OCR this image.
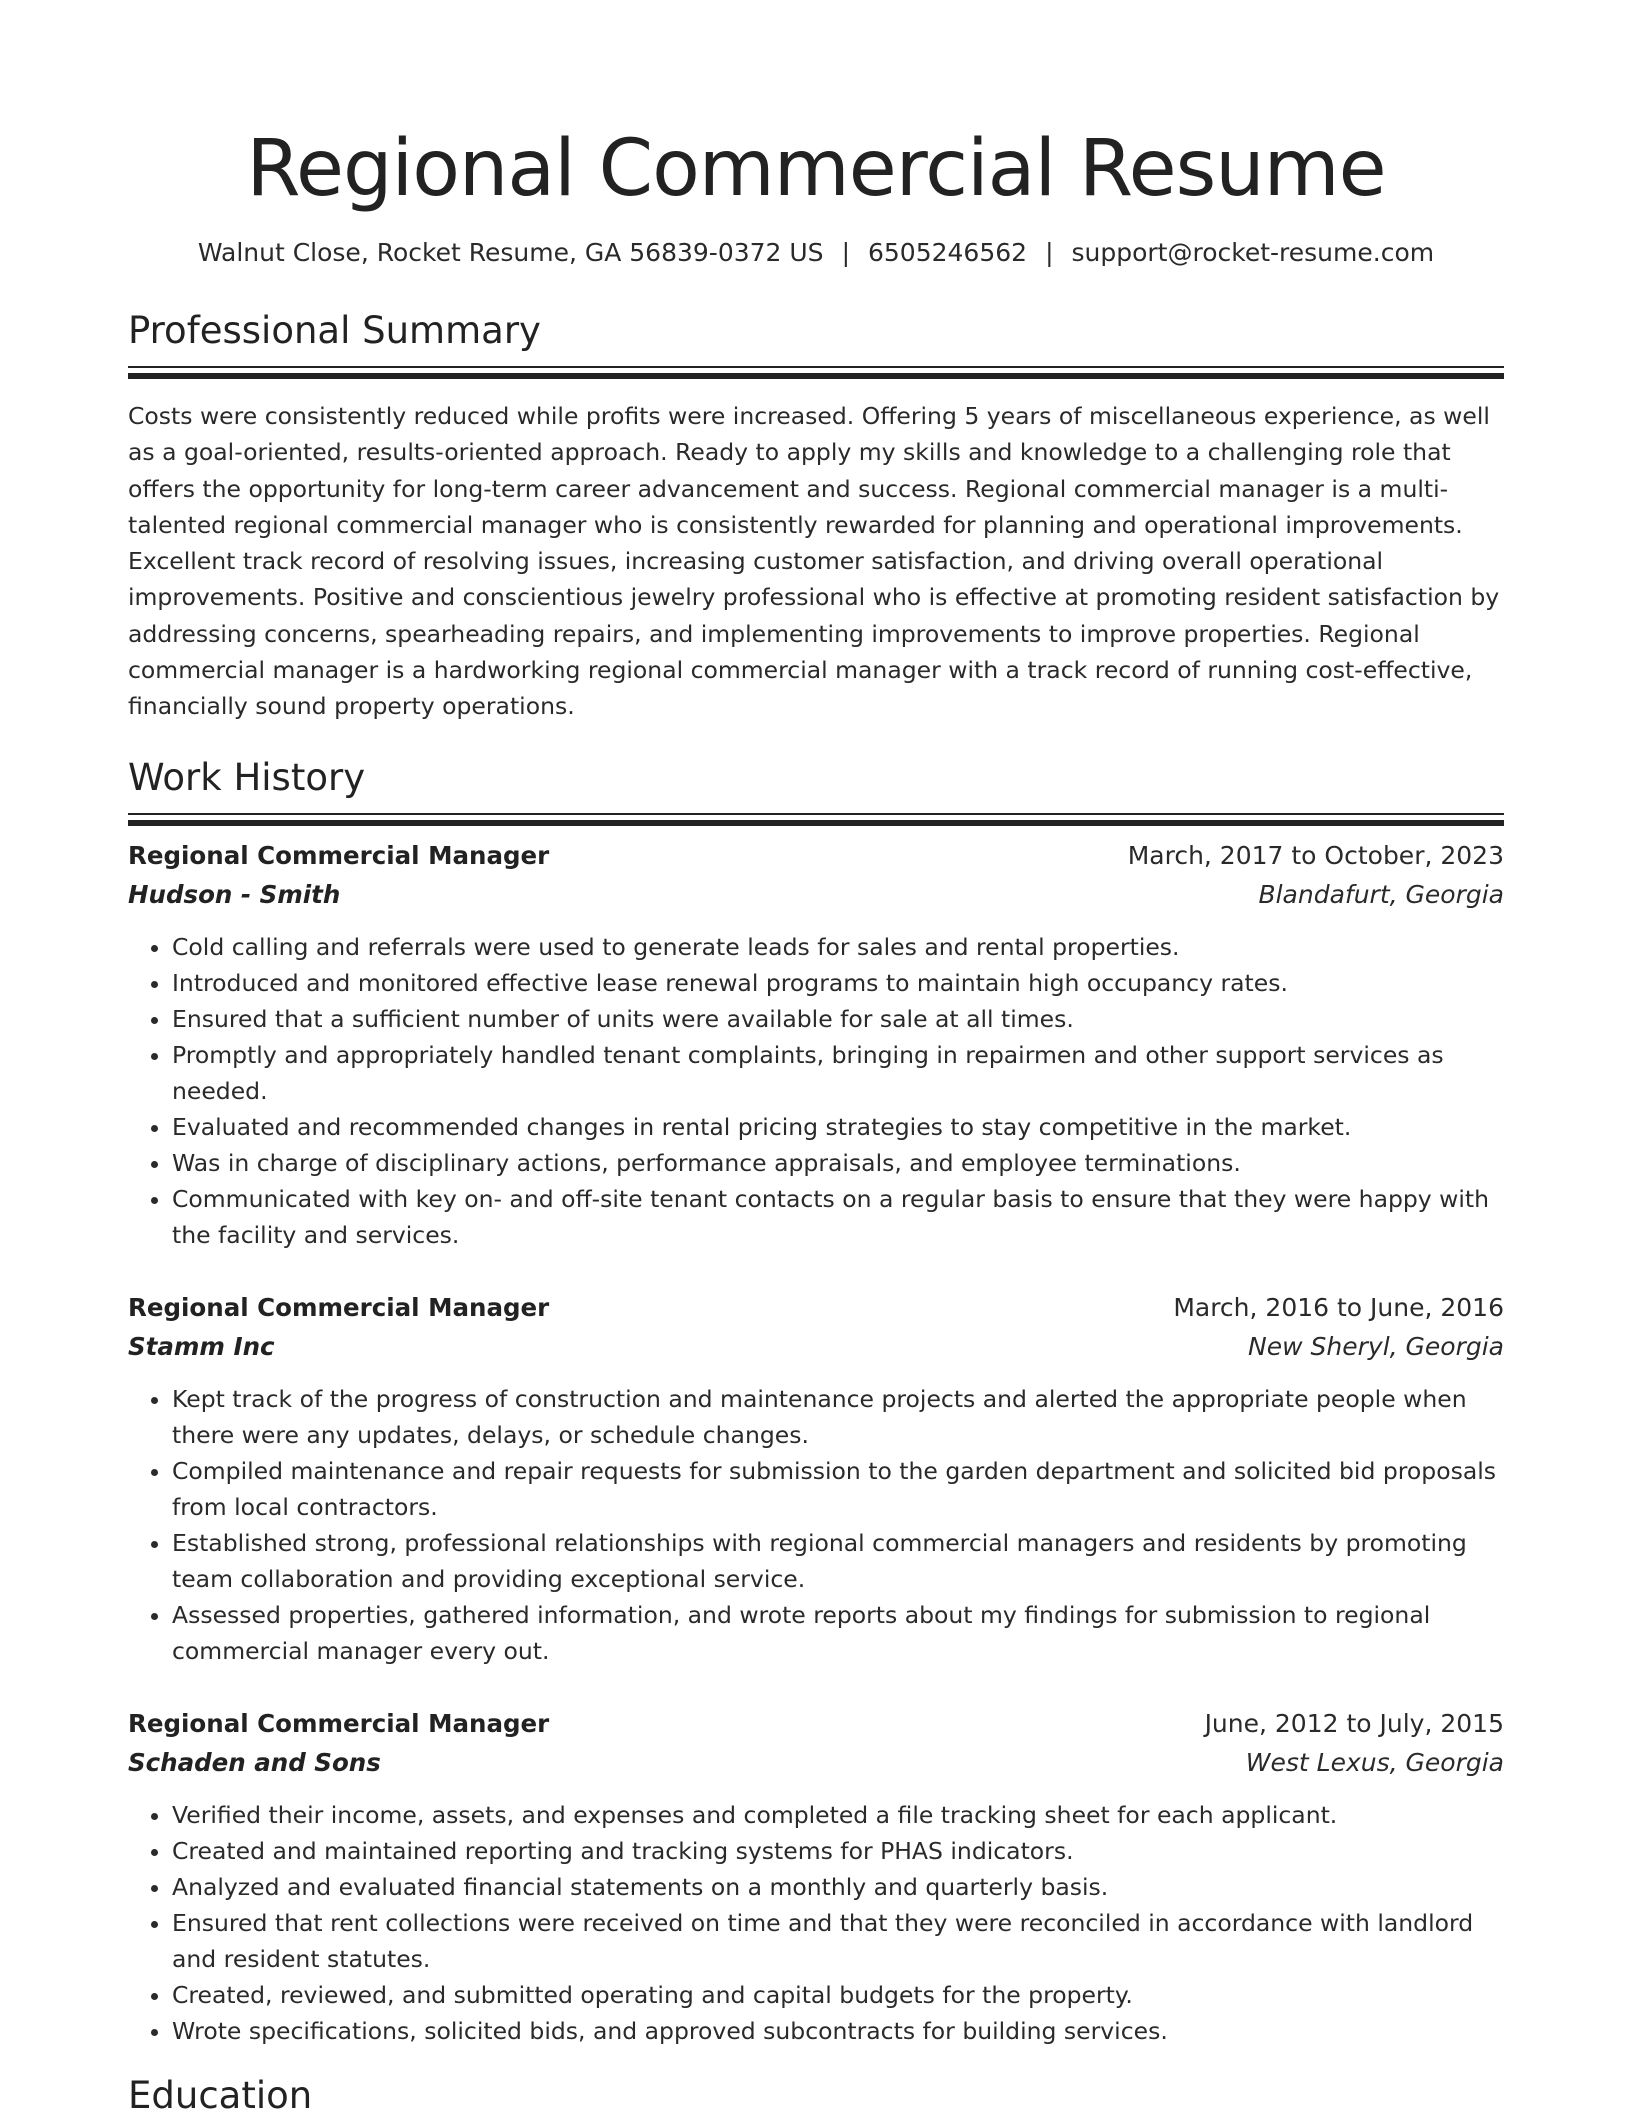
Regional Commercial Resume
Walnut Close, Rocket Resume, GA 56839-0372 US | 6505246562 | support@rocket-resume.com
Professional Summary

Costs were consistently reduced while profits were increased. Offering 5 years of miscellaneous experience, as well as a goal-oriented, results-oriented approach. Ready to apply my skills and knowledge to a challenging role that offers the opportunity for long-term career advancement and success. Regional commercial manager is a multi-talented regional commercial manager who is consistently rewarded for planning and operational improvements. Excellent track record of resolving issues, increasing customer satisfaction, and driving overall operational improvements. Positive and conscientious jewelry professional who is effective at promoting resident satisfaction by addressing concerns, spearheading repairs, and implementing improvements to improve properties. Regional commercial manager is a hardworking regional commercial manager with a track record of running cost-effective, financially sound property operations.

Work History
Regional Commercial Manager	March, 2017 to October, 2023
Hudson - Smith	Blandafurt, Georgia
• Cold calling and referrals were used to generate leads for sales and rental properties.
• Introduced and monitored effective lease renewal programs to maintain high occupancy rates.
• Ensured that a sufficient number of units were available for sale at all times.
• Promptly and appropriately handled tenant complaints, bringing in repairmen and other support services as needed.
• Evaluated and recommended changes in rental pricing strategies to stay competitive in the market.
• Was in charge of disciplinary actions, performance appraisals, and employee terminations.
• Communicated with key on- and off-site tenant contacts on a regular basis to ensure that they were happy with the facility and services.
Regional Commercial Manager	March, 2016 to June, 2016
Stamm Inc	New Sheryl, Georgia
• Kept track of the progress of construction and maintenance projects and alerted the appropriate people when there were any updates, delays, or schedule changes.
• Compiled maintenance and repair requests for submission to the garden department and solicited bid proposals from local contractors.
• Established strong, professional relationships with regional commercial managers and residents by promoting team collaboration and providing exceptional service.
• Assessed properties, gathered information, and wrote reports about my findings for submission to regional commercial manager every out.
Regional Commercial Manager	June, 2012 to July, 2015
Schaden and Sons	West Lexus, Georgia
• Verified their income, assets, and expenses and completed a file tracking sheet for each applicant.
• Created and maintained reporting and tracking systems for PHAS indicators.
• Analyzed and evaluated financial statements on a monthly and quarterly basis.
• Ensured that rent collections were received on time and that they were reconciled in accordance with landlord and resident statutes.
• Created, reviewed, and submitted operating and capital budgets for the property.
• Wrote specifications, solicited bids, and approved subcontracts for building services.
Education
